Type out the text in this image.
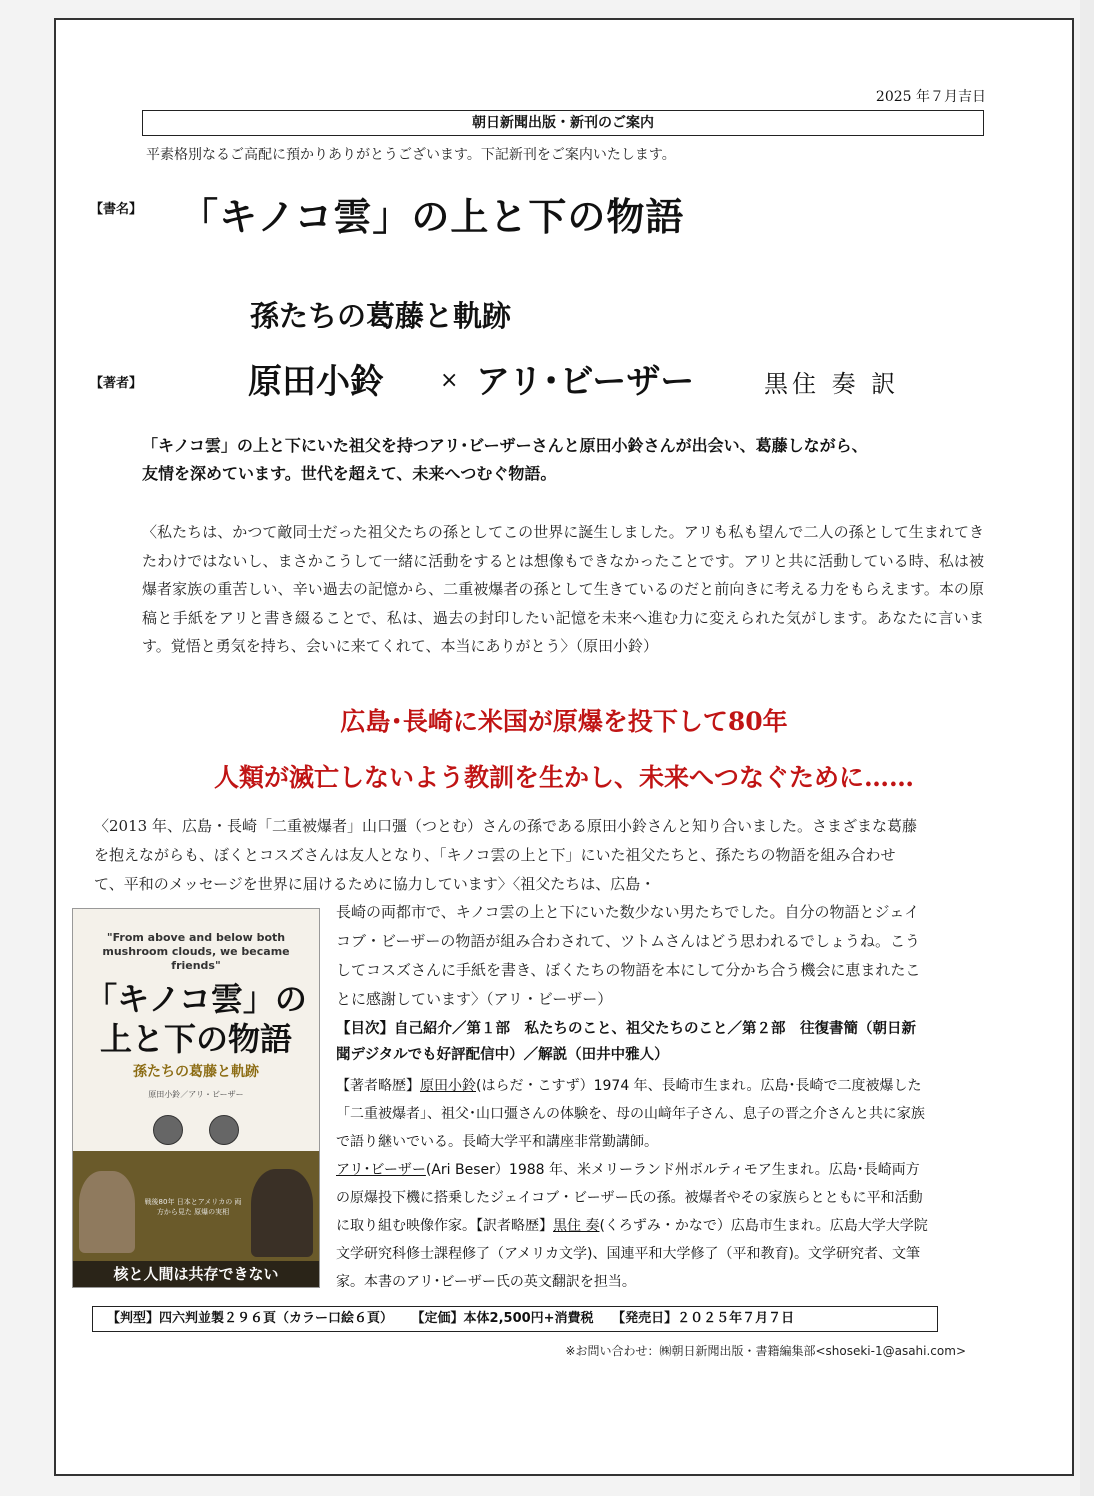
2025 年７月吉日
朝日新聞出版・新刊のご案内
平素格別なるご高配に預かりありがとうございます。下記新刊をご案内いたします。
【書名】 「キノコ雲」の上と下の物語
孫たちの葛藤と軌跡
【著者】	原田小鈴	× アリ･ビーザー	黒住 奏 訳
「キノコ雲」の上と下にいた祖父を持つアリ･ビーザーさんと原田小鈴さんが出会い、葛藤しながら、
友情を深めています。世代を超えて、未来へつむぐ物語。
〈私たちは、かつて敵同士だった祖父たちの孫としてこの世界に誕生しました。アリも私も望んで二人の孫として生まれてきたわけではないし、まさかこうして一緒に活動をするとは想像もできなかったことです。アリと共に活動している時、私は被爆者家族の重苦しい、辛い過去の記憶から、二重被爆者の孫として生きているのだと前向きに考える力をもらえます。本の原稿と手紙をアリと書き綴ることで、私は、過去の封印したい記憶を未来へ進む力に変えられた気がします。あなたに言います。覚悟と勇気を持ち、会いに来てくれて、本当にありがとう〉（原田小鈴）
広島･長崎に米国が原爆を投下して80年
人類が滅亡しないよう教訓を生かし、未来へつなぐために……
〈2013 年、広島・長崎「二重被爆者」山口彊（つとむ）さんの孫である原田小鈴さんと知り合いました。さまざまな葛藤を抱えながらも、ぼくとコスズさんは友人となり、「キノコ雲の上と下」にいた祖父たちと、孫たちの物語を組み合わせて、平和のメッセージを世界に届けるために協力しています〉〈祖父たちは、広島・
長崎の両都市で、キノコ雲の上と下にいた数少ない男たちでした。自分の物語とジェイコブ・ビーザーの物語が組み合わされて、ツトムさんはどう思われるでしょうね。こうしてコスズさんに手紙を書き、ぼくたちの物語を本にして分かち合う機会に恵まれたことに感謝しています〉（アリ・ビーザー）
【目次】自己紹介／第１部　私たちのこと、祖父たちのこと／第２部　往復書簡（朝日新聞デジタルでも好評配信中）／解説（田井中雅人）
【著者略歴】原田小鈴(はらだ・こすず）1974 年、長崎市生まれ。広島･長崎で二度被爆した「二重被爆者」、祖父･山口彊さんの体験を、母の山﨑年子さん、息子の晋之介さんと共に家族で語り継いでいる。長崎大学平和講座非常勤講師。
アリ･ビーザー(Ari Beser）1988 年、米メリーランド州ボルティモア生まれ。広島･長崎両方の原爆投下機に搭乗したジェイコブ・ビーザー氏の孫。被爆者やその家族らとともに平和活動に取り組む映像作家。【訳者略歴】黒住 奏(くろずみ・かなで）広島市生まれ。広島大学大学院文学研究科修士課程修了（アメリカ文学)、国連平和大学修了（平和教育)。文学研究者、文筆家。本書のアリ･ビーザー氏の英文翻訳を担当。
"From above and below both mushroom clouds, we became friends"
「キノコ雲」の
上と下の物語
孫たちの葛藤と軌跡
原田小鈴／アリ・ビーザー
戦後80年 日本とアメリカの 両方から見た 原爆の実相
核と人間は共存できない
【判型】四六判並製２９６頁（カラー口絵６頁） 【定価】本体2,500円+消費税 【発売日】２０２５年７月７日
※お問い合わせ：㈱朝日新聞出版・書籍編集部<shoseki-1@asahi.com>
